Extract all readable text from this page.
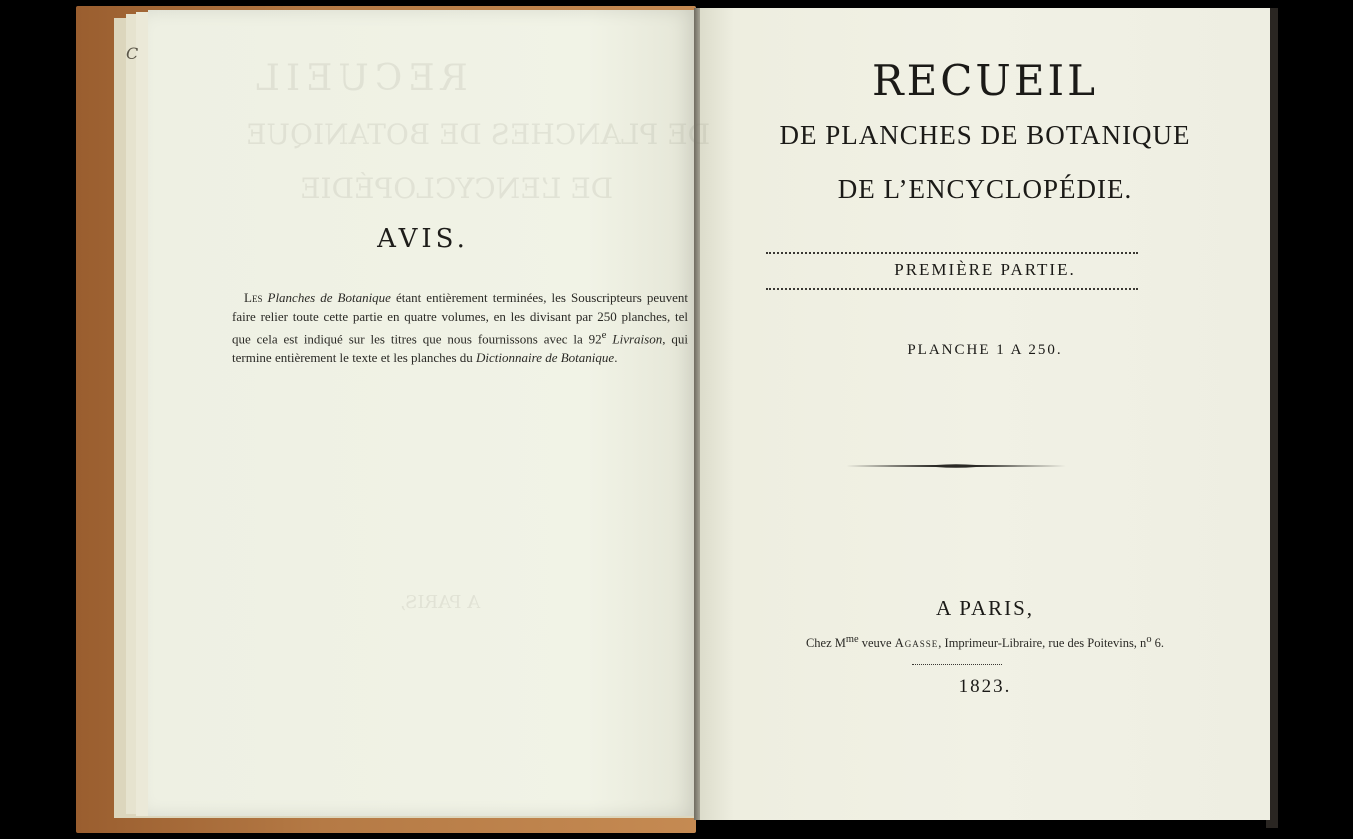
C
RECUEIL
DE PLANCHES DE BOTANIQUE
DE L’ENCYCLOPÉDIE
A PARIS,
AVIS.
Les Planches de Botanique étant entièrement terminées, les Souscripteurs peuvent faire relier toute cette partie en quatre volumes, en les divisant par 250 planches, tel que cela est indiqué sur les titres que nous fournissons avec la 92e Livraison, qui termine entièrement le texte et les planches du Dictionnaire de Botanique.
RECUEIL
DE PLANCHES DE BOTANIQUE
DE L’ENCYCLOPÉDIE.
PREMIÈRE PARTIE.
PLANCHE 1 A 250.
A PARIS,
Chez $M^{me}$ veuve Agasse, Imprimeur-Libraire, rue des Poitevins, $n^o$ 6.
1823.
